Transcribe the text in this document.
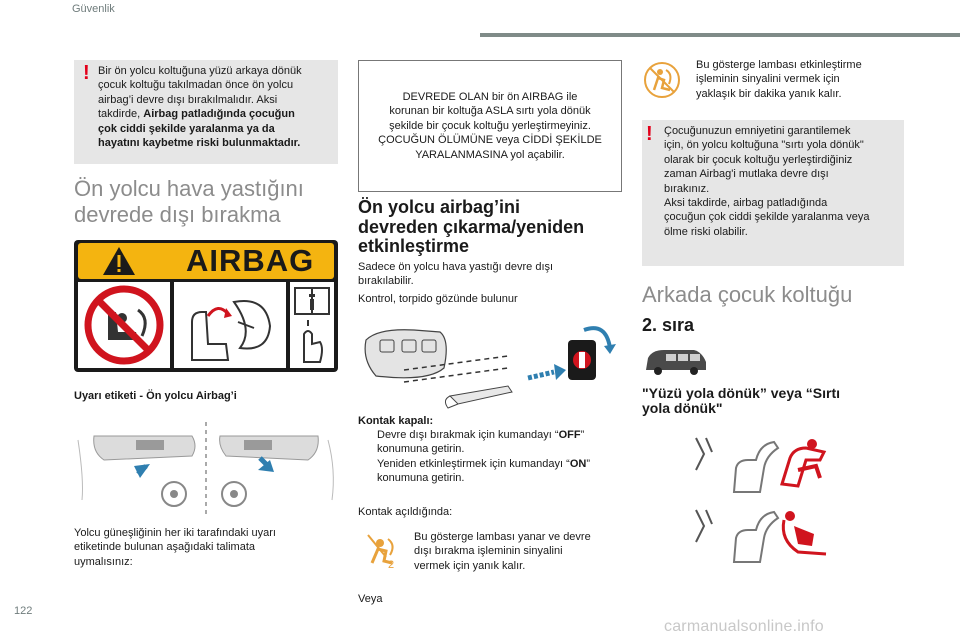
Güvenlik
! Bir ön yolcu koltuğuna yüzü arkaya dönük
çocuk koltuğu takılmadan önce ön yolcu
airbag’i devre dışı bırakılmalıdır. Aksi
takdirde, Airbag patladığında çocuğun
çok ciddi şekilde yaralanma ya da
hayatını kaybetme riski bulunmaktadır.
Ön yolcu hava yastığını
devrede dışı bırakma
AIRBAG
Uyarı etiketi - Ön yolcu Airbag’i
Yolcu güneşliğinin her iki tarafındaki uyarı
etiketinde bulunan aşağıdaki talimata
uymalısınız:
DEVREDE OLAN bir ön AIRBAG ile
korunan bir koltuğa ASLA sırtı yola dönük
şekilde bir çocuk koltuğu yerleştirmeyiniz.
ÇOCUĞUN ÖLÜMÜNE veya CİDDİ ŞEKİLDE
YARALANMASINA yol açabilir.
Ön yolcu airbag’ini
devreden çıkarma/yeniden
etkinleştirme
Sadece ön yolcu hava yastığı devre dışı
bırakılabilir.
Kontrol, torpido gözünde bulunur
Kontak kapalı:
Devre dışı bırakmak için kumandayı “OFF”
konumuna getirin.
Yeniden etkinleştirmek için kumandayı “ON”
konumuna getirin.
Kontak açıldığında:
2
Bu gösterge lambası yanar ve devre
dışı bırakma işleminin sinyalini
vermek için yanık kalır.
Veya
Bu gösterge lambası etkinleştirme
işleminin sinyalini vermek için
yaklaşık bir dakika yanık kalır.
! Çocuğunuzun emniyetini garantilemek
için, ön yolcu koltuğuna "sırtı yola dönük"
olarak bir çocuk koltuğu yerleştirdiğiniz
zaman Airbag'i mutlaka devre dışı
bırakınız.
Aksi takdirde, airbag patladığında
çocuğun çok ciddi şekilde yaralanma veya
ölme riski olabilir.
Arkada çocuk koltuğu
2. sıra
"Yüzü yola dönük” veya “Sırtı
yola dönük"
122
carmanualsonline.info
